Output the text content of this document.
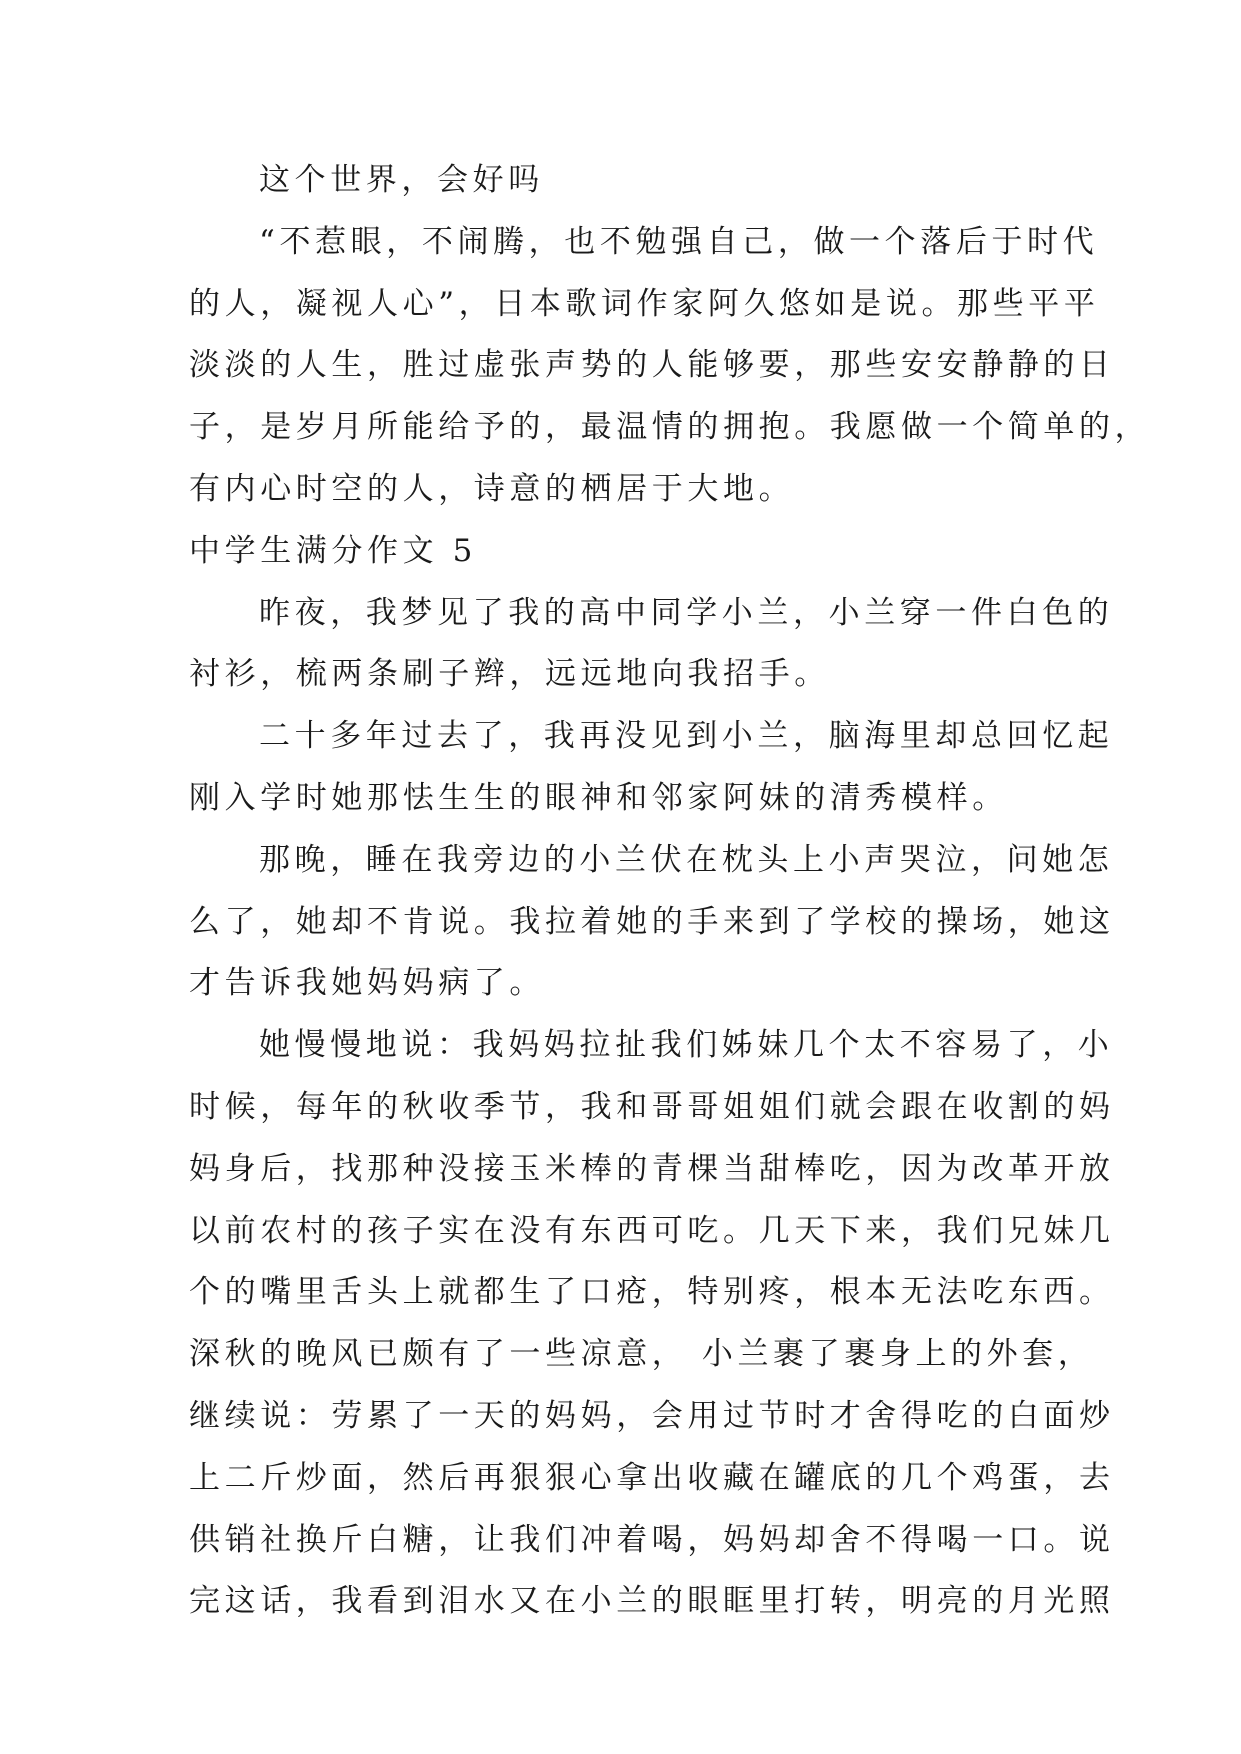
这个世界，会好吗
“不惹眼，不闹腾，也不勉强自己，做一个落后于时代
的人，凝视人心”，日本歌词作家阿久悠如是说。那些平平
淡淡的人生，胜过虚张声势的人能够要，那些安安静静的日
子，是岁月所能给予的，最温情的拥抱。我愿做一个简单的，
有内心时空的人，诗意的栖居于大地。
中学生满分作文 5
昨夜，我梦见了我的高中同学小兰，小兰穿一件白色的
衬衫，梳两条刷子辫，远远地向我招手。
二十多年过去了，我再没见到小兰，脑海里却总回忆起
刚入学时她那怯生生的眼神和邻家阿妹的清秀模样。
那晚，睡在我旁边的小兰伏在枕头上小声哭泣，问她怎
么了，她却不肯说。我拉着她的手来到了学校的操场，她这
才告诉我她妈妈病了。
她慢慢地说：我妈妈拉扯我们姊妹几个太不容易了，小
时候，每年的秋收季节，我和哥哥姐姐们就会跟在收割的妈
妈身后，找那种没接玉米棒的青棵当甜棒吃，因为改革开放
以前农村的孩子实在没有东西可吃。几天下来，我们兄妹几
个的嘴里舌头上就都生了口疮，特别疼，根本无法吃东西。
深秋的晚风已颇有了一些凉意， 小兰裹了裹身上的外套，
继续说：劳累了一天的妈妈，会用过节时才舍得吃的白面炒
上二斤炒面，然后再狠狠心拿出收藏在罐底的几个鸡蛋，去
供销社换斤白糖，让我们冲着喝，妈妈却舍不得喝一口。说
完这话，我看到泪水又在小兰的眼眶里打转，明亮的月光照
